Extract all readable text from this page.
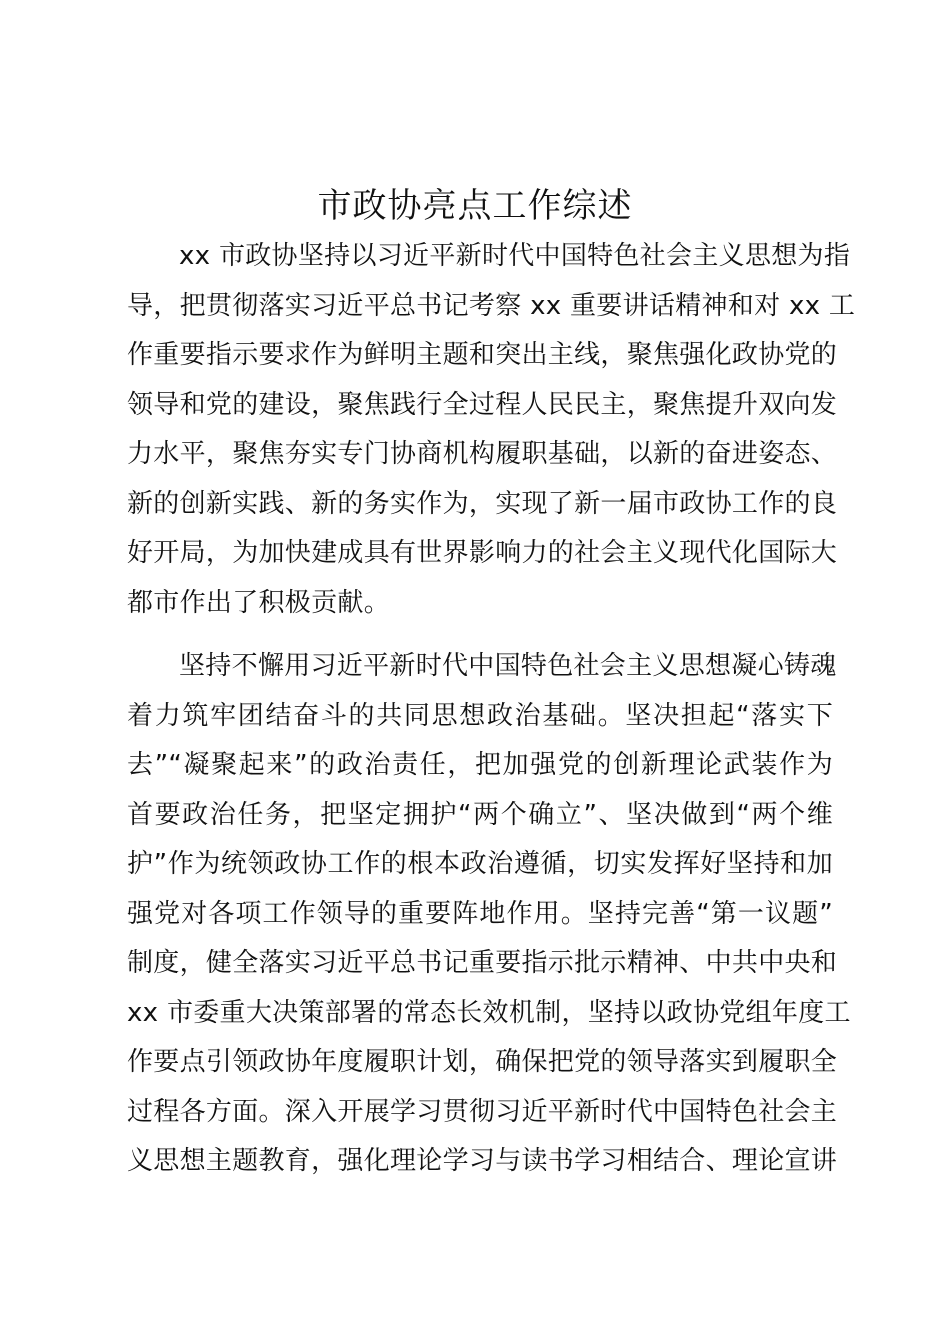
市政协亮点工作综述
xx 市政协坚持以习近平新时代中国特色社会主义思想为指
导，把贯彻落实习近平总书记考察 xx 重要讲话精神和对 xx 工
作重要指示要求作为鲜明主题和突出主线，聚焦强化政协党的
领导和党的建设，聚焦践行全过程人民民主，聚焦提升双向发
力水平，聚焦夯实专门协商机构履职基础，以新的奋进姿态、
新的创新实践、新的务实作为，实现了新一届市政协工作的良
好开局，为加快建成具有世界影响力的社会主义现代化国际大
都市作出了积极贡献。
坚持不懈用习近平新时代中国特色社会主义思想凝心铸魂
着力筑牢团结奋斗的共同思想政治基础。坚决担起“落实下
去”“凝聚起来”的政治责任，把加强党的创新理论武装作为
首要政治任务，把坚定拥护“两个确立”、坚决做到“两个维
护”作为统领政协工作的根本政治遵循，切实发挥好坚持和加
强党对各项工作领导的重要阵地作用。坚持完善“第一议题”
制度，健全落实习近平总书记重要指示批示精神、中共中央和
xx 市委重大决策部署的常态长效机制，坚持以政协党组年度工
作要点引领政协年度履职计划，确保把党的领导落实到履职全
过程各方面。深入开展学习贯彻习近平新时代中国特色社会主
义思想主题教育，强化理论学习与读书学习相结合、理论宣讲
